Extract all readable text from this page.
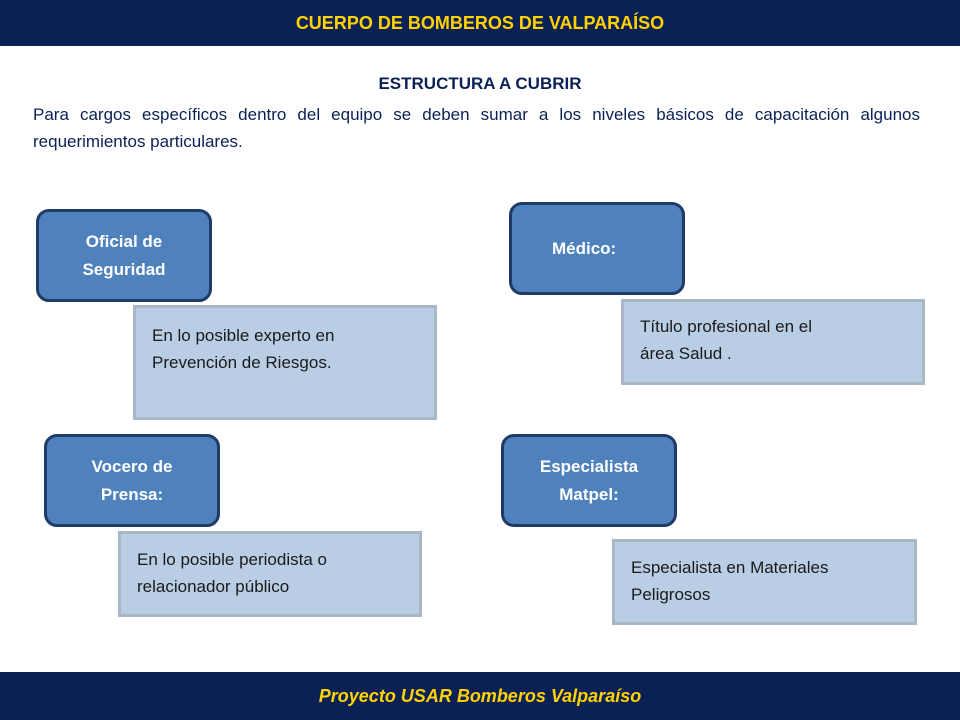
CUERPO DE BOMBEROS DE VALPARAÍSO
ESTRUCTURA A CUBRIR
Para cargos específicos dentro del equipo se deben sumar a los niveles básicos de capacitación algunos requerimientos particulares.
Oficial de
Seguridad
En lo posible experto en
Prevención de Riesgos.
Médico:
Título profesional en el
área Salud .
Vocero de
Prensa:
En lo posible periodista o
relacionador público
Especialista
Matpel:
Especialista en Materiales
Peligrosos
Proyecto USAR Bomberos Valparaíso
